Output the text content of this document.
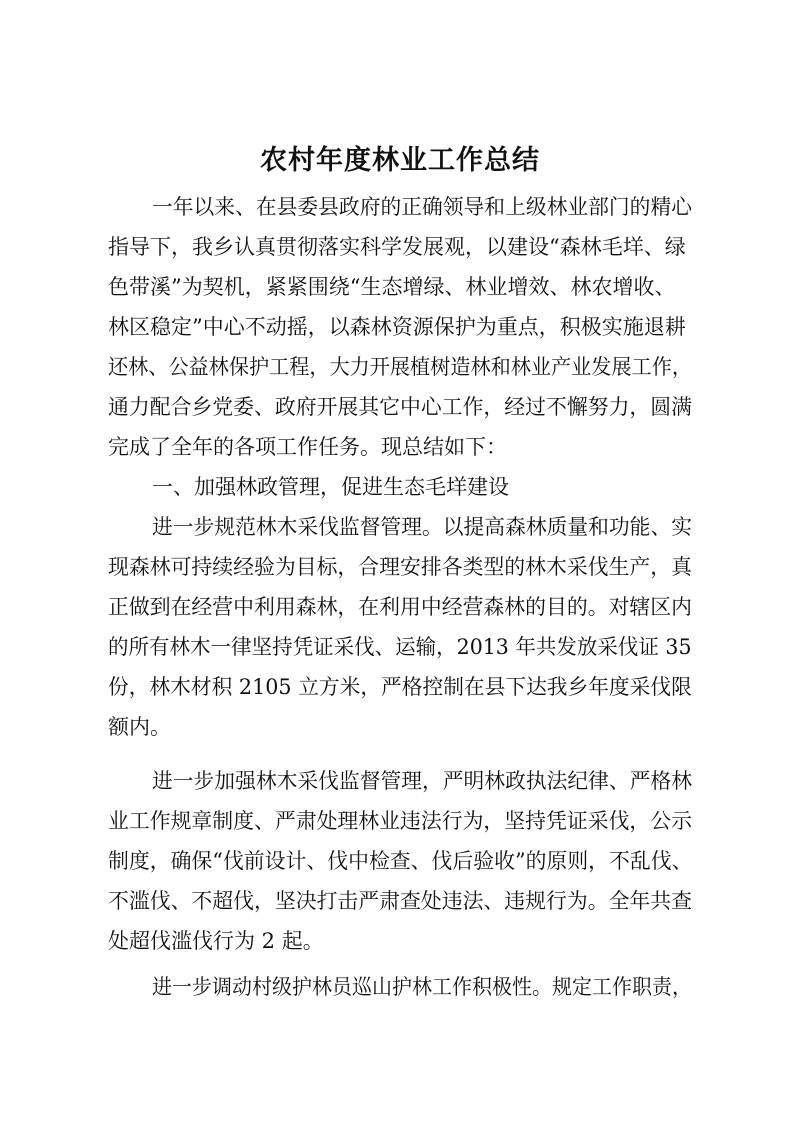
农村年度林业工作总结
一年以来、在县委县政府的正确领导和上级林业部门的精心
指导下，我乡认真贯彻落实科学发展观，以建设“森林毛垟、绿
色带溪”为契机，紧紧围绕“生态增绿、林业增效、林农增收、
林区稳定”中心不动摇，以森林资源保护为重点，积极实施退耕
还林、公益林保护工程，大力开展植树造林和林业产业发展工作，
通力配合乡党委、政府开展其它中心工作，经过不懈努力，圆满
完成了全年的各项工作任务。现总结如下：
一、加强林政管理，促进生态毛垟建设
进一步规范林木采伐监督管理。以提高森林质量和功能、实
现森林可持续经验为目标，合理安排各类型的林木采伐生产，真
正做到在经营中利用森林，在利用中经营森林的目的。对辖区内
的所有林木一律坚持凭证采伐、运输，2013 年共发放采伐证 35
份，林木材积 2105 立方米，严格控制在县下达我乡年度采伐限
额内。
进一步加强林木采伐监督管理，严明林政执法纪律、严格林
业工作规章制度、严肃处理林业违法行为，坚持凭证采伐，公示
制度，确保“伐前设计、伐中检查、伐后验收”的原则，不乱伐、
不滥伐、不超伐，坚决打击严肃查处违法、违规行为。全年共查
处超伐滥伐行为 2 起。
进一步调动村级护林员巡山护林工作积极性。规定工作职责，
